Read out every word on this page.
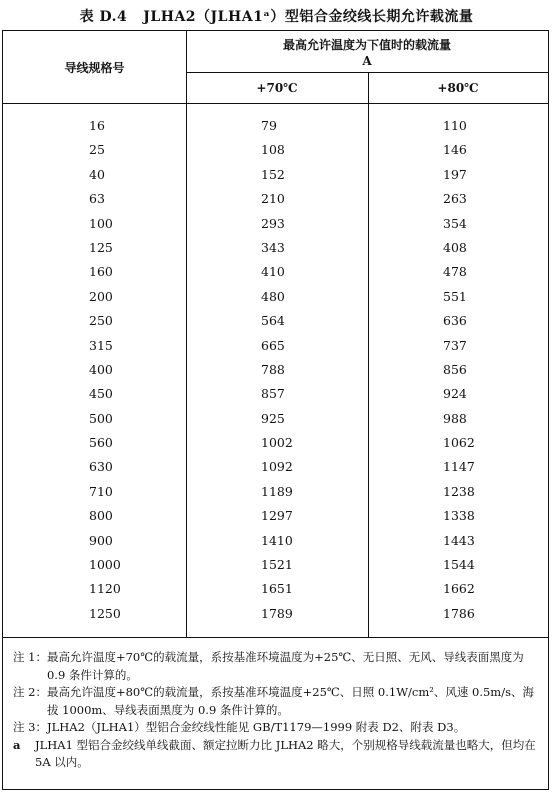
表 D.4 JLHA2（JLHA1ᵃ）型铝合金绞线长期允许载流量
导线规格号
最高允许温度为下值时的载流量
A
+70℃	+80℃
16	79	110
25	108	146
40	152	197
63	210	263
100	293	354
125	343	408
160	410	478
200	480	551
250	564	636
315	665	737
400	788	856
450	857	924
500	925	988
560	1002	1062
630	1092	1147
710	1189	1238
800	1297	1338
900	1410	1443
1000	1521	1544
1120	1651	1662
1250	1789	1786
注 1： 最高允许温度+70℃的载流量，系按基准环境温度为+25℃、无日照、无风、导线表面黑度为 0.9 条件计算的。
注 2： 最高允许温度+80℃的载流量，系按基准环境温度+25℃、日照 0.1W/cm²、风速 0.5m/s、海拔 1000m、导线表面黑度为 0.9 条件计算的。
注 3： JLHA2（JLHA1）型铝合金绞线性能见 GB/T1179—1999 附表 D2、附表 D3。
a	JLHA1 型铝合金绞线单线截面、额定拉断力比 JLHA2 略大，个别规格导线载流量也略大，但均在 5A 以内。
